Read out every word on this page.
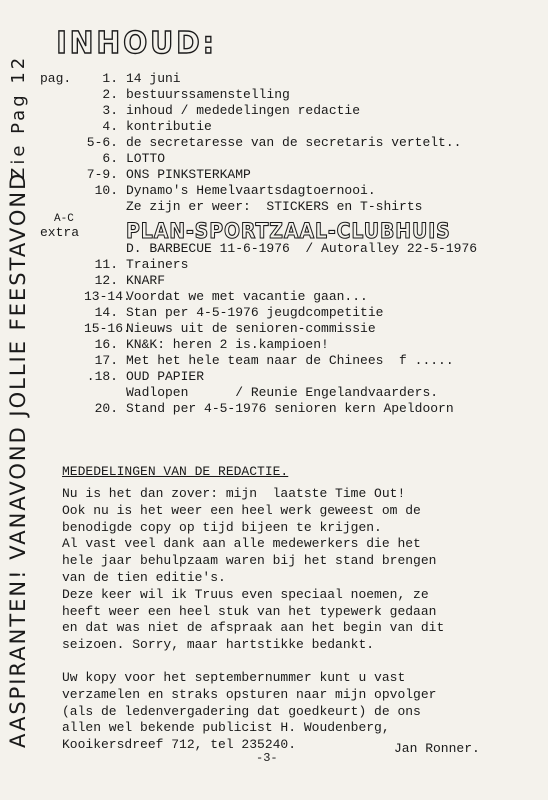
INHOUD:
pag.	1. 14 juni
2. bestuurssamenstelling
3. inhoud / mededelingen redactie
4. kontributie
5-6. de secretaresse van de secretaris vertelt..
6. LOTTO
7-9. ONS PINKSTERKAMP
10. Dynamo's Hemelvaartsdagtoernooi.
Ze zijn er weer:  STICKERS en T-shirts
PLAN-SPORTZAAL-CLUBHUIS
D. BARBECUE 11-6-1976  / Autoralley 22-5-1976
11. Trainers
12. KNARF
13-14.
Voordat we met vacantie gaan...
14. Stan per 4-5-1976 jeugdcompetitie
15-16.
Nieuws uit de senioren-commissie
16. KN&K: heren 2 is.kampioen!
17. Met het hele team naar de Chinees  f .....
.18. OUD PAPIER
Wadlopen      / Reunie Engelandvaarders.
20. Stand per 4-5-1976 senioren kern Apeldoorn
A-C
extra
Zie Pag 12
AASPIRANTEN! VANAVOND JOLLIE FEESTAVOND MEDEDELINGEN VAN DE REDACTIE.
Nu is het dan zover: mijn  laatste Time Out!
Ook nu is het weer een heel werk geweest om de
benodigde copy op tijd bijeen te krijgen.
Al vast veel dank aan alle medewerkers die het
hele jaar behulpzaam waren bij het stand brengen
van de tien editie's.
Deze keer wil ik Truus even speciaal noemen, ze
heeft weer een heel stuk van het typewerk gedaan
en dat was niet de afspraak aan het begin van dit
seizoen. Sorry, maar hartstikke bedankt.
Uw kopy voor het septembernummer kunt u vast
verzamelen en straks opsturen naar mijn opvolger
(als de ledenvergadering dat goedkeurt) de ons
allen wel bekende publicist H. Woudenberg,
Kooikersdreef 712, tel 235240.
-3-
Jan Ronner.
